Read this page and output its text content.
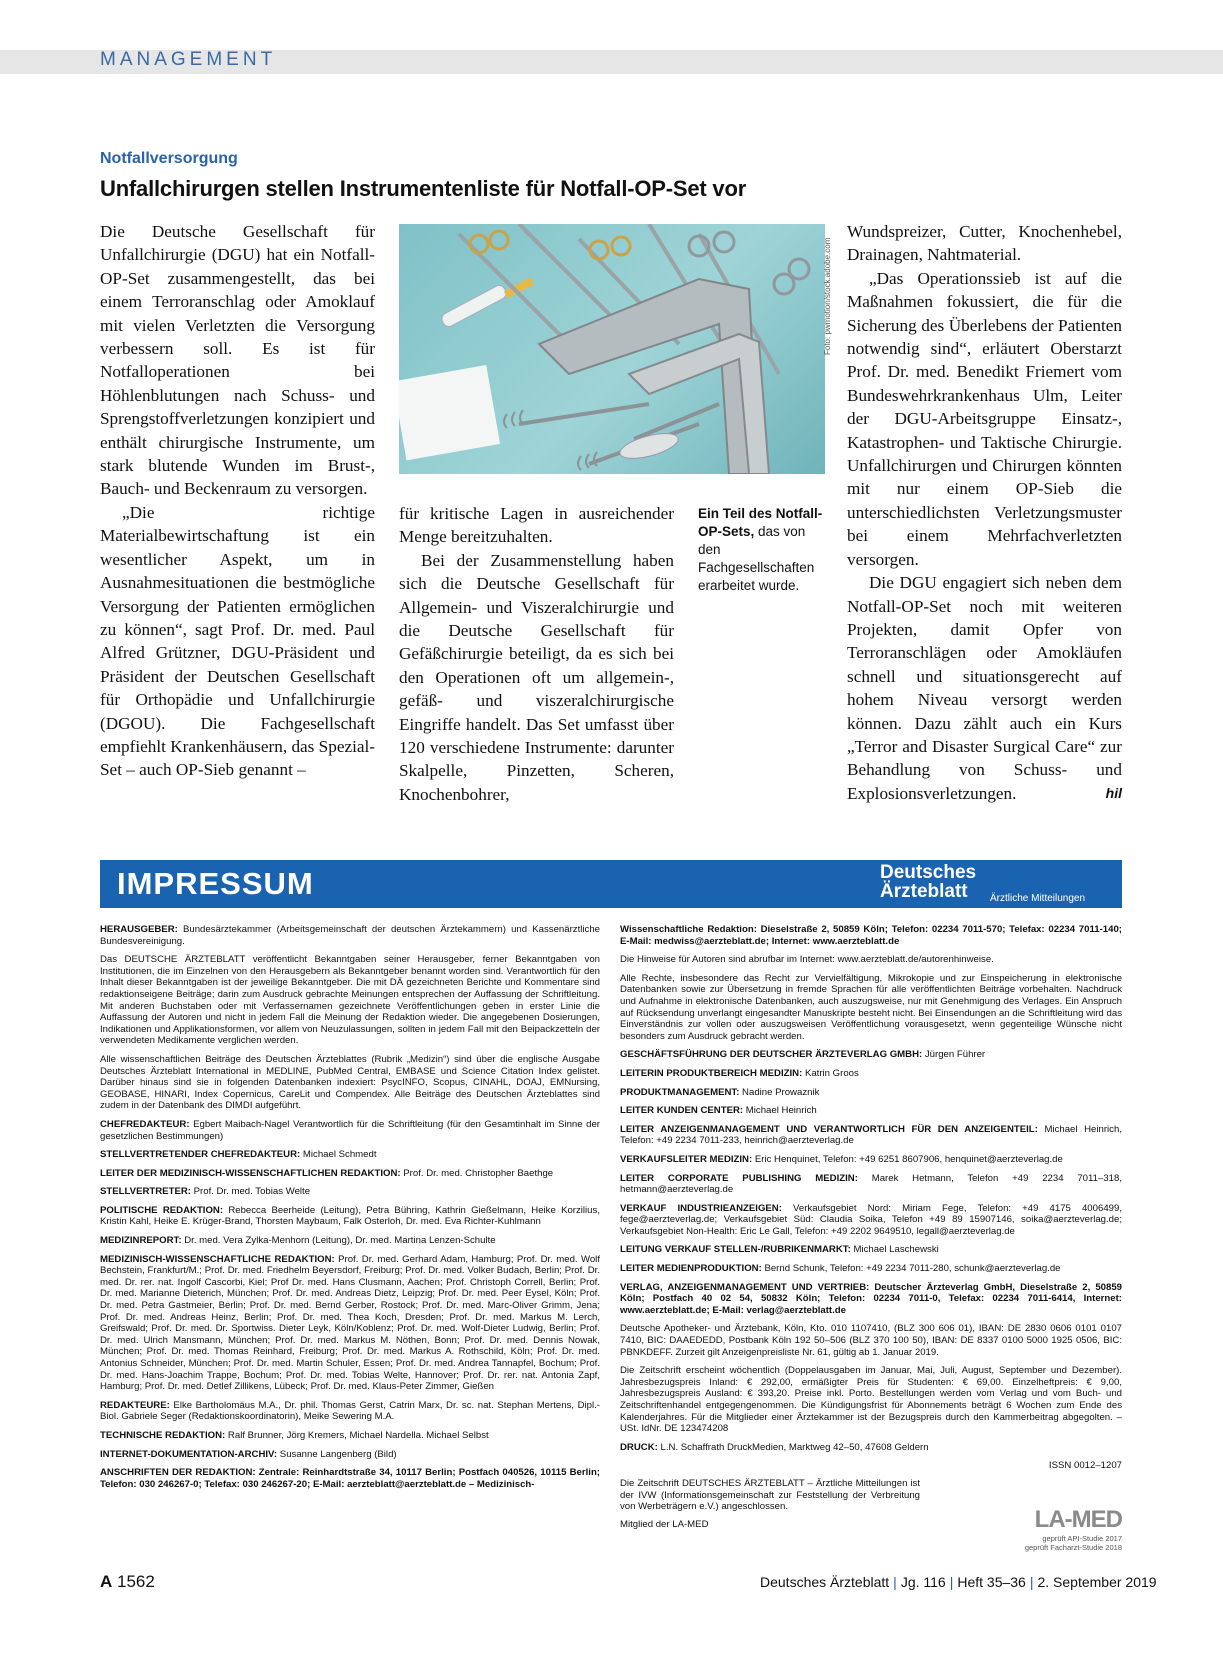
MANAGEMENT
Notfallversorgung
Unfallchirurgen stellen Instrumentenliste für Notfall-OP-Set vor

Die Deutsche Gesellschaft für Unfallchirurgie (DGU) hat ein Notfall-OP-Set zusammengestellt, das bei einem Terroranschlag oder Amoklauf mit vielen Verletzten die Versorgung verbessern soll. Es ist für Notfalloperationen bei Höhlenblutungen nach Schuss- und Sprengstoffverletzungen konzipiert und enthält chirurgische Instrumente, um stark blutende Wunden im Brust-, Bauch- und Beckenraum zu versorgen.

„Die richtige Materialbewirtschaftung ist ein wesentlicher Aspekt, um in Ausnahmesituationen die bestmögliche Versorgung der Patienten ermöglichen zu können“, sagt Prof. Dr. med. Paul Alfred Grützner, DGU-Präsident und Präsident der Deutschen Gesellschaft für Orthopädie und Unfallchirurgie (DGOU). Die Fachgesellschaft empfiehlt Krankenhäusern, das Spezial-Set – auch OP-Sieb genannt –

Foto: pwmotion/stock.adobe.com

für kritische Lagen in ausreichender Menge bereitzuhalten.

Bei der Zusammenstellung haben sich die Deutsche Gesellschaft für Allgemein- und Viszeralchirurgie und die Deutsche Gesellschaft für Gefäßchirurgie beteiligt, da es sich bei den Operationen oft um allgemein-, gefäß- und viszeralchirurgische Eingriffe handelt. Das Set umfasst über 120 verschiedene Instrumente: darunter Skalpelle, Pinzetten, Scheren, Knochenbohrer,

Ein Teil des Notfall-OP-Sets, das von den Fachgesellschaften erarbeitet wurde.

Wundspreizer, Cutter, Knochenhebel, Drainagen, Nahtmaterial.

„Das Operationssieb ist auf die Maßnahmen fokussiert, die für die Sicherung des Überlebens der Patienten notwendig sind“, erläutert Oberstarzt Prof. Dr. med. Benedikt Friemert vom Bundeswehrkrankenhaus Ulm, Leiter der DGU-Arbeitsgruppe Einsatz-, Katastrophen- und Taktische Chirurgie. Unfallchirurgen und Chirurgen könnten mit nur einem OP-Sieb die unterschiedlichsten Verletzungsmuster bei einem Mehrfachverletzten versorgen.

Die DGU engagiert sich neben dem Notfall-OP-Set noch mit weiteren Projekten, damit Opfer von Terroranschlägen oder Amokläufen schnell und situationsgerecht auf hohem Niveau versorgt werden können. Dazu zählt auch ein Kurs „Terror and Disaster Surgical Care“ zur Behandlung von Schuss- und Explosionsverletzungen.	hil

IMPRESSUM	Deutsches
Ärzteblatt	Ärztliche Mitteilungen

HERAUSGEBER: Bundesärztekammer (Arbeitsgemeinschaft der deutschen Ärztekammern) und Kassenärztliche Bundesvereinigung.

Das DEUTSCHE ÄRZTEBLATT veröffentlicht Bekanntgaben seiner Herausgeber, ferner Bekanntgaben von Institutionen, die im Einzelnen von den Herausgebern als Bekanntgeber benannt worden sind. Verantwortlich für den Inhalt dieser Bekanntgaben ist der jeweilige Bekanntgeber. Die mit DÄ gezeichneten Berichte und Kommentare sind redaktionseigene Beiträge; darin zum Ausdruck gebrachte Meinungen entsprechen der Auffassung der Schriftleitung. Mit anderen Buchstaben oder mit Verfassernamen gezeichnete Veröffentlichungen geben in erster Linie die Auffassung der Autoren und nicht in jedem Fall die Meinung der Redaktion wieder. Die angegebenen Dosierungen, Indikationen und Applikationsformen, vor allem von Neuzulassungen, sollten in jedem Fall mit den Beipackzetteln der verwendeten Medikamente verglichen werden.

Alle wissenschaftlichen Beiträge des Deutschen Ärzteblattes (Rubrik „Medizin“) sind über die englische Ausgabe Deutsches Ärzteblatt International in MEDLINE, PubMed Central, EMBASE und Science Citation Index gelistet. Darüber hinaus sind sie in folgenden Datenbanken indexiert: PsycINFO, Scopus, CINAHL, DOAJ, EMNursing, GEOBASE, HINARI, Index Copernicus, CareLit und Compendex. Alle Beiträge des Deutschen Ärzteblattes sind zudem in der Datenbank des DIMDI aufgeführt.

CHEFREDAKTEUR: Egbert Maibach-Nagel Verantwortlich für die Schriftleitung (für den Gesamtinhalt im Sinne der gesetzlichen Bestimmungen)

STELLVERTRETENDER CHEFREDAKTEUR: Michael Schmedt

LEITER DER MEDIZINISCH-WISSENSCHAFTLICHEN REDAKTION: Prof. Dr. med. Christopher Baethge

STELLVERTRETER: Prof. Dr. med. Tobias Welte

POLITISCHE REDAKTION: Rebecca Beerheide (Leitung), Petra Bühring, Kathrin Gießelmann, Heike Korzilius, Kristin Kahl, Heike E. Krüger-Brand, Thorsten Maybaum, Falk Osterloh, Dr. med. Eva Richter-Kuhlmann

MEDIZINREPORT: Dr. med. Vera Zylka-Menhorn (Leitung), Dr. med. Martina Lenzen-Schulte

MEDIZINISCH-WISSENSCHAFTLICHE REDAKTION: Prof. Dr. med. Gerhard Adam, Hamburg; Prof. Dr. med. Wolf Bechstein, Frankfurt/M.; Prof. Dr. med. Friedhelm Beyersdorf, Freiburg; Prof. Dr. med. Volker Budach, Berlin; Prof. Dr. med. Dr. rer. nat. Ingolf Cascorbi, Kiel; Prof Dr. med. Hans Clusmann, Aachen; Prof. Christoph Correll, Berlin; Prof. Dr. med. Marianne Dieterich, München; Prof. Dr. med. Andreas Dietz, Leipzig; Prof. Dr. med. Peer Eysel, Köln; Prof. Dr. med. Petra Gastmeier, Berlin; Prof. Dr. med. Bernd Gerber, Rostock; Prof. Dr. med. Marc-Oliver Grimm, Jena; Prof. Dr. med. Andreas Heinz, Berlin; Prof. Dr. med. Thea Koch, Dresden; Prof. Dr. med. Markus M. Lerch, Greifswald; Prof. Dr. med. Dr. Sportwiss. Dieter Leyk, Köln/Koblenz; Prof. Dr. med. Wolf-Dieter Ludwig, Berlin; Prof. Dr. med. Ulrich Mansmann, München; Prof. Dr. med. Markus M. Nöthen, Bonn; Prof. Dr. med. Dennis Nowak, München; Prof. Dr. med. Thomas Reinhard, Freiburg; Prof. Dr. med. Markus A. Rothschild, Köln; Prof. Dr. med. Antonius Schneider, München; Prof. Dr. med. Martin Schuler, Essen; Prof. Dr. med. Andrea Tannapfel, Bochum; Prof. Dr. med. Hans-Joachim Trappe, Bochum; Prof. Dr. med. Tobias Welte, Hannover; Prof. Dr. rer. nat. Antonia Zapf, Hamburg; Prof. Dr. med. Detlef Zillikens, Lübeck; Prof. Dr. med. Klaus-Peter Zimmer, Gießen

REDAKTEURE: Elke Bartholomäus M.A., Dr. phil. Thomas Gerst, Catrin Marx, Dr. sc. nat. Stephan Mertens, Dipl.-Biol. Gabriele Seger (Redaktionskoordinatorin), Meike Sewering M.A.

TECHNISCHE REDAKTION: Ralf Brunner, Jörg Kremers, Michael Nardella. Michael Selbst

INTERNET-DOKUMENTATION-ARCHIV: Susanne Langenberg (Bild)

ANSCHRIFTEN DER REDAKTION: Zentrale: Reinhardtstraße 34, 10117 Berlin; Postfach 040526, 10115 Berlin; Telefon: 030 246267-0; Telefax: 030 246267-20; E-Mail: aerzteblatt@aerzteblatt.de – Medizinisch-

Wissenschaftliche Redaktion: Dieselstraße 2, 50859 Köln; Telefon: 02234 7011-570; Telefax: 02234 7011-140; E-Mail: medwiss@aerzteblatt.de; Internet: www.aerzteblatt.de

Die Hinweise für Autoren sind abrufbar im Internet: www.aerzteblatt.de/autorenhinweise.

Alle Rechte, insbesondere das Recht zur Vervielfältigung, Mikrokopie und zur Einspeicherung in elektronische Datenbanken sowie zur Übersetzung in fremde Sprachen für alle veröffentlichten Beiträge vorbehalten. Nachdruck und Aufnahme in elektronische Datenbanken, auch auszugsweise, nur mit Genehmigung des Verlages. Ein Anspruch auf Rücksendung unverlangt eingesandter Manuskripte besteht nicht. Bei Einsendungen an die Schriftleitung wird das Einverständnis zur vollen oder auszugsweisen Veröffentlichung vorausgesetzt, wenn gegenteilige Wünsche nicht besonders zum Ausdruck gebracht werden.

GESCHÄFTSFÜHRUNG DER DEUTSCHER ÄRZTEVERLAG GMBH: Jürgen Führer

LEITERIN PRODUKTBEREICH MEDIZIN: Katrin Groos

PRODUKTMANAGEMENT: Nadine Prowaznik

LEITER KUNDEN CENTER: Michael Heinrich

LEITER ANZEIGENMANAGEMENT UND VERANTWORTLICH FÜR DEN ANZEIGENTEIL: Michael Heinrich, Telefon: +49 2234 7011-233, heinrich@aerzteverlag.de

VERKAUFSLEITER MEDIZIN: Eric Henquinet, Telefon: +49 6251 8607906, henquinet@aerzteverlag.de

LEITER CORPORATE PUBLISHING MEDIZIN: Marek Hetmann, Telefon +49 2234 7011–318, hetmann@aerzteverlag.de

VERKAUF INDUSTRIEANZEIGEN: Verkaufsgebiet Nord: Miriam Fege, Telefon: +49 4175 4006499, fege@aerzteverlag.de; Verkaufsgebiet Süd: Claudia Soika, Telefon +49 89 15907146, soika@aerzteverlag.de; Verkaufsgebiet Non-Health: Eric Le Gall, Telefon: +49 2202 9649510, legall@aerzteverlag.de

LEITUNG VERKAUF STELLEN-/RUBRIKENMARKT: Michael Laschewski

LEITER MEDIENPRODUKTION: Bernd Schunk, Telefon: +49 2234 7011-280, schunk@aerzteverlag.de

VERLAG, ANZEIGENMANAGEMENT UND VERTRIEB: Deutscher Ärzteverlag GmbH, Dieselstraße 2, 50859 Köln; Postfach 40 02 54, 50832 Köln; Telefon: 02234 7011-0, Telefax: 02234 7011-6414, Internet: www.aerzteblatt.de; E-Mail: verlag@aerzteblatt.de

Deutsche Apotheker- und Ärztebank, Köln, Kto. 010 1107410, (BLZ 300 606 01), IBAN: DE 2830 0606 0101 0107 7410, BIC: DAAEDEDD, Postbank Köln 192 50–506 (BLZ 370 100 50), IBAN: DE 8337 0100 5000 1925 0506, BIC: PBNKDEFF. Zurzeit gilt Anzeigenpreisliste Nr. 61, gültig ab 1. Januar 2019.

Die Zeitschrift erscheint wöchentlich (Doppelausgaben im Januar, Mai, Juli, August, September und Dezember). Jahresbezugspreis Inland: € 292,00, ermäßigter Preis für Studenten: € 69,00. Einzelheftpreis: € 9,00, Jahresbezugspreis Ausland: € 393,20. Preise inkl. Porto. Bestellungen werden vom Verlag und vom Buch- und Zeitschriftenhandel entgegengenommen. Die Kündigungsfrist für Abonnements beträgt 6 Wochen zum Ende des Kalenderjahres. Für die Mitglieder einer Ärztekammer ist der Bezugspreis durch den Kammerbeitrag abgegolten. – USt. IdNr. DE 123474208

DRUCK: L.N. Schaffrath DruckMedien, Marktweg 42–50, 47608 Geldern

ISSN 0012–1207
Die Zeitschrift DEUTSCHES ÄRZTEBLATT – Ärztliche Mitteilungen ist der IVW (Informationsgemeinschaft zur Feststellung der Verbreitung von Werbeträgern e.V.) angeschlossen.
Mitglied der LA-MED	LA-MED
geprüft API-Studie 2017
geprüft Facharzt-Studie 2018
A 1562	Deutsches Ärzteblatt | Jg. 116 | Heft 35–36 | 2. September 2019
